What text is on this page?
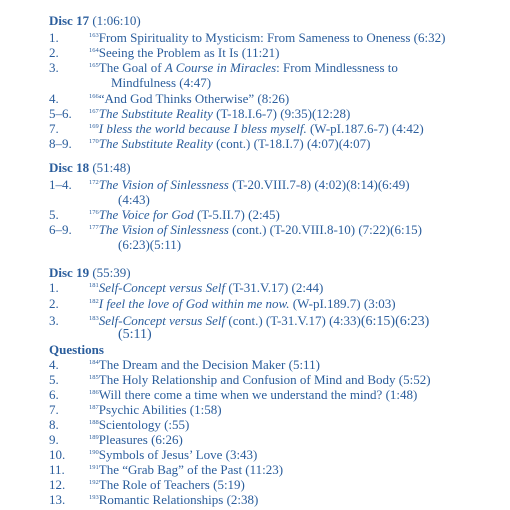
Disc 17 (1:06:10)
1.	$^{163}$From Spirituality to Mysticism: From Sameness to Oneness (6:32)
2.	$^{164}$Seeing the Problem as It Is (11:21)
3.	$^{165}$The Goal of A Course in Miracles: From Mindlessness to
Mindfulness (4:47)
4.	$^{166}$“And God Thinks Otherwise” (8:26)
5–6.	$^{167}$The Substitute Reality (T-18.I.6-7) (9:35)(12:28)
7.	$^{169}$I bless the world because I bless myself. (W-pI.187.6-7) (4:42)
8–9.	$^{170}$The Substitute Reality (cont.) (T-18.I.7) (4:07)(4:07)
Disc 18 (51:48)
1–4.	$^{172}$The Vision of Sinlessness (T-20.VIII.7-8) (4:02)(8:14)(6:49)
(4:43)
5.	$^{176}$The Voice for God (T-5.II.7) (2:45)
6–9.	$^{177}$The Vision of Sinlessness (cont.) (T-20.VIII.8-10) (7:22)(6:15)
(6:23)(5:11)
Disc 19 (55:39)
1.	$^{181}$Self-Concept versus Self (T-31.V.17) (2:44)
2.	$^{182}$I feel the love of God within me now. (W-pI.189.7) (3:03)
3.	$^{183}$Self-Concept versus Self (cont.) (T-31.V.17) (4:33)(6:15)(6:23)
(5:11)
Questions
4.	$^{184}$The Dream and the Decision Maker (5:11)
5.	$^{185}$The Holy Relationship and Confusion of Mind and Body (5:52)
6.	$^{186}$Will there come a time when we understand the mind? (1:48)
7.	$^{187}$Psychic Abilities (1:58)
8.	$^{188}$Scientology (:55)
9.	$^{189}$Pleasures (6:26)
10.	$^{190}$Symbols of Jesus’ Love (3:43)
11.	$^{191}$The “Grab Bag” of the Past (11:23)
12.	$^{192}$The Role of Teachers (5:19)
13.	$^{193}$Romantic Relationships (2:38)
